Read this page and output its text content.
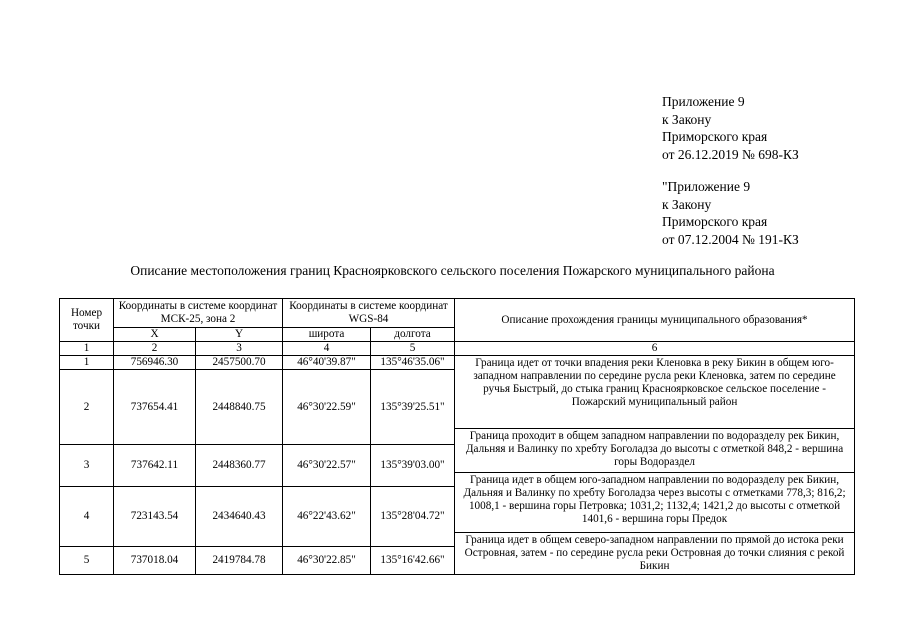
Приложение 9
к Закону
Приморского края
от 26.12.2019 № 698-КЗ
"Приложение 9
к Закону
Приморского края
от 07.12.2004 № 191-КЗ
Описание местоположения границ Красноярковского сельского поселения Пожарского муниципального района
Номер точки	Координаты в системе координат МСК-25, зона 2		Координаты в системе координат WGS-84		Описание прохождения границы муниципального образования*
	X	Y	широта	долгота	
1	2	3	4	5	6
1	756946.30	2457500.70	46°40'39.87"	135°46'35.06"	Граница идет от точки впадения реки Кленовка в реку Бикин в общем юго-западном направлении по середине русла реки Кленовка, затем по середине ручья Быстрый, до стыка границ Красноярковское сельское поселение - Пожарский муниципальный район
2	737654.41	2448840.75	46°30'22.59"	135°39'25.51"	
					Граница проходит в общем западном направлении по водоразделу рек Бикин, Дальняя и Валинку по хребту Боголадза до высоты с отметкой 848,2 - вершина горы Водораздел
3	737642.11	2448360.77	46°30'22.57"	135°39'03.00"	
					Граница идет в общем юго-западном направлении по водоразделу рек Бикин, Дальняя и Валинку по хребту Боголадза через высоты с отметками 778,3; 816,2; 1008,1 - вершина горы Петровка; 1031,2; 1132,4; 1421,2 до высоты с отметкой 1401,6 - вершина горы Предок
4	723143.54	2434640.43	46°22'43.62"	135°28'04.72"	
					Граница идет в общем северо-западном направлении по прямой до истока реки Островная, затем - по середине русла реки Островная до точки слияния с рекой Бикин
5	737018.04	2419784.78	46°30'22.85"	135°16'42.66"	
